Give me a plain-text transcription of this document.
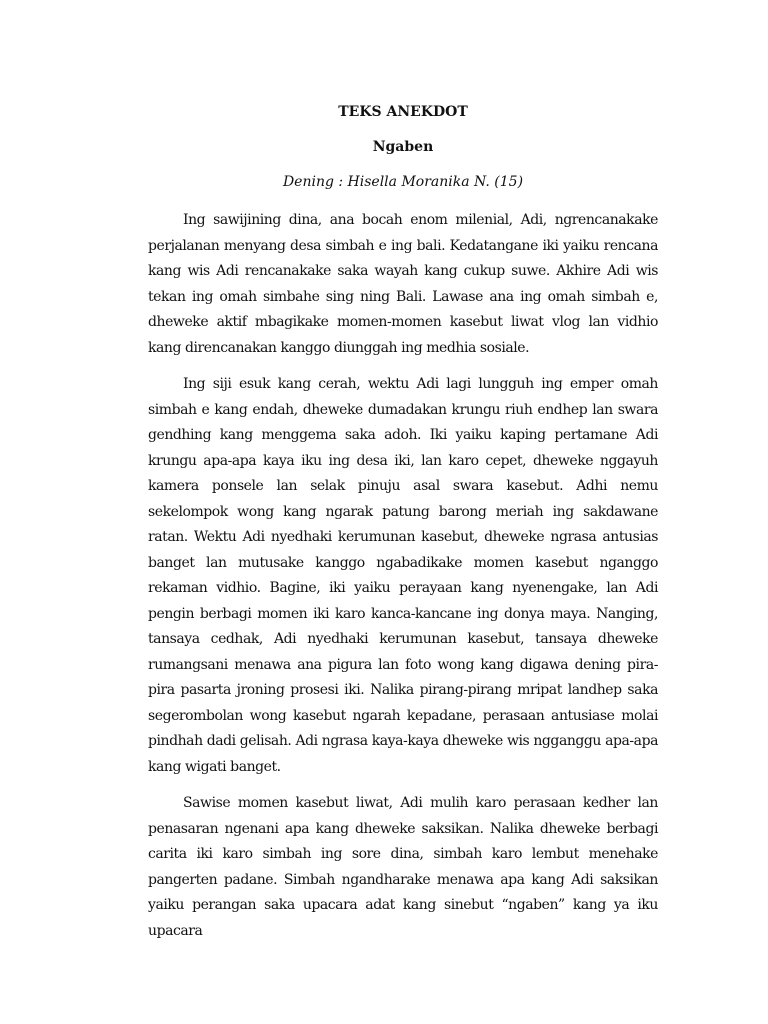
TEKS ANEKDOT
Ngaben

Dening : Hisella Moranika N. (15)

Ing sawijining dina, ana bocah enom milenial, Adi, ngrencanakake perjalanan menyang desa simbah e ing bali. Kedatangane iki yaiku rencana kang wis Adi rencanakake saka wayah kang cukup suwe. Akhire Adi wis tekan ing omah simbahe sing ning Bali. Lawase ana ing omah simbah e, dheweke aktif mbagikake momen-momen kasebut liwat vlog lan vidhio kang direncanakan kanggo diunggah ing medhia sosiale.

Ing siji esuk kang cerah, wektu Adi lagi lungguh ing emper omah simbah e kang endah, dheweke dumadakan krungu riuh endhep lan swara gendhing kang menggema saka adoh. Iki yaiku kaping pertamane Adi krungu apa-apa kaya iku ing desa iki, lan karo cepet, dheweke nggayuh kamera ponsele lan selak pinuju asal swara kasebut. Adhi nemu sekelompok wong kang ngarak patung barong meriah ing sakdawane ratan. Wektu Adi nyedhaki kerumunan kasebut, dheweke ngrasa antusias banget lan mutusake kanggo ngabadikake momen kasebut nganggo rekaman vidhio. Bagine, iki yaiku perayaan kang nyenengake, lan Adi pengin berbagi momen iki karo kanca-kancane ing donya maya. Nanging, tansaya cedhak, Adi nyedhaki kerumunan kasebut, tansaya dheweke rumangsani menawa ana pigura lan foto wong kang digawa dening pira-pira pasarta jroning prosesi iki. Nalika pirang-pirang mripat landhep saka segerombolan wong kasebut ngarah kepadane, perasaan antusiase molai pindhah dadi gelisah. Adi ngrasa kaya-kaya dheweke wis ngganggu apa-apa kang wigati banget.

Sawise momen kasebut liwat, Adi mulih karo perasaan kedher lan penasaran ngenani apa kang dheweke saksikan. Nalika dheweke berbagi carita iki karo simbah ing sore dina, simbah karo lembut menehake pangerten padane. Simbah ngandharake menawa apa kang Adi saksikan yaiku perangan saka upacara adat kang sinebut “ngaben” kang ya iku upacara
